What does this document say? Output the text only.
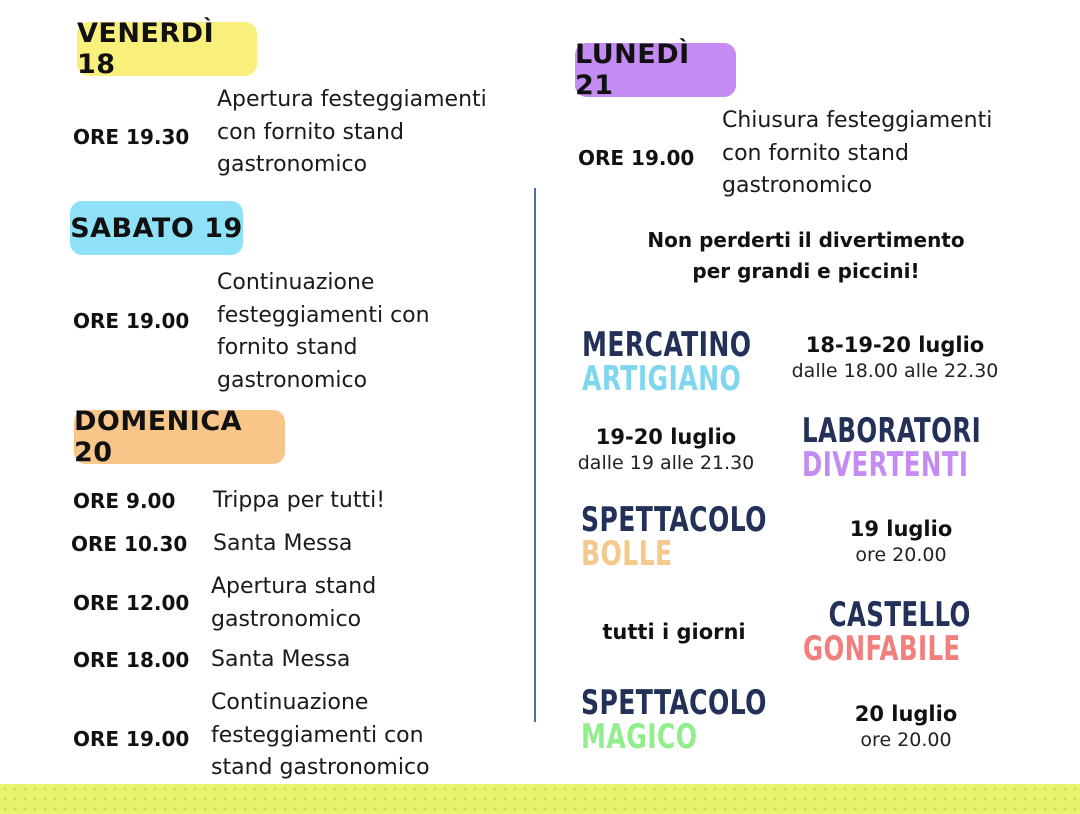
VENERDÌ 18
ORE 19.30
Apertura festeggiamenti
con fornito stand
gastronomico
SABATO 19
ORE 19.00
Continuazione
festeggiamenti con
fornito stand
gastronomico
DOMENICA 20
ORE 9.00 Trippa per tutti!
ORE 10.30 Santa Messa
ORE 12.00
Apertura stand
gastronomico
ORE 18.00 Santa Messa
ORE 19.00
Continuazione
festeggiamenti con
stand gastronomico
LUNEDÌ 21
ORE 19.00
Chiusura festeggiamenti
con fornito stand
gastronomico
Non perderti il divertimento
per grandi e piccini!
MERCATINO
ARTIGIANO
18-19-20 luglio
dalle 18.00 alle 22.30
19-20 luglio
dalle 19 alle 21.30
LABORATORI
DIVERTENTI
SPETTACOLO
BOLLE
19 luglio
ore 20.00
tutti i giorni	CASTELLO
GONFABILE
SPETTACOLO
MAGICO
20 luglio
ore 20.00
